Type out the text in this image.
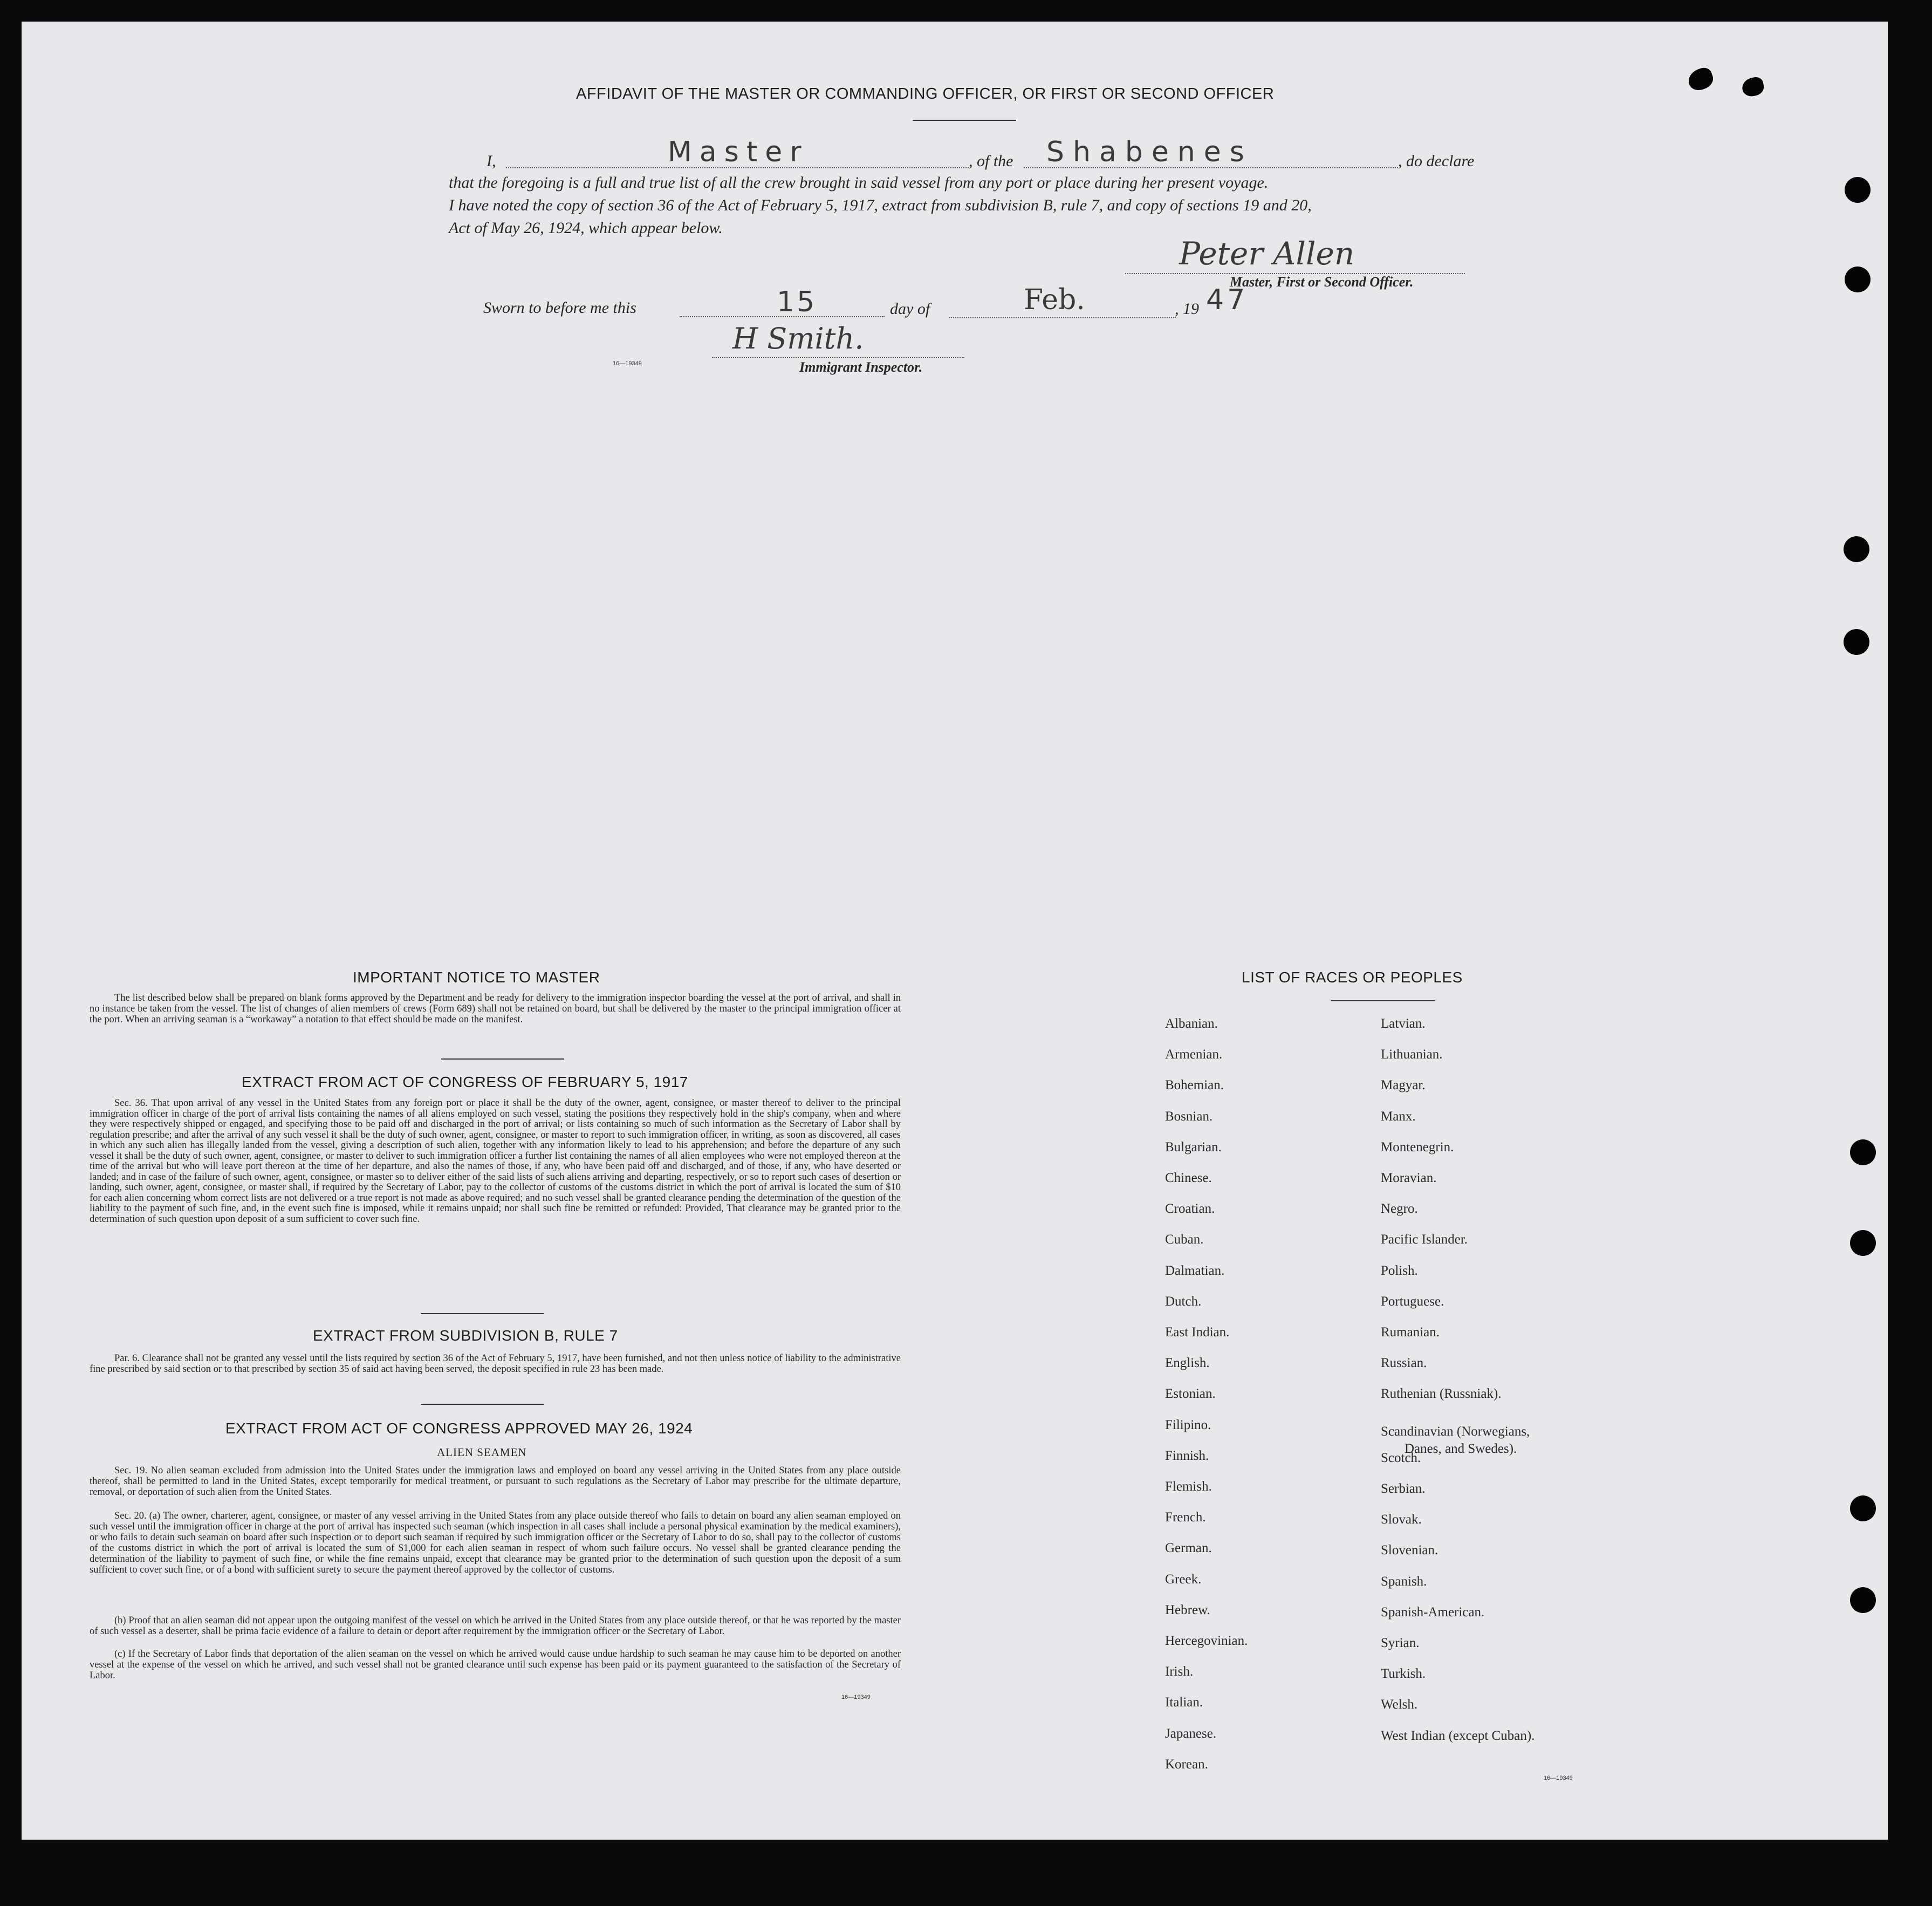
AFFIDAVIT OF THE MASTER OR COMMANDING OFFICER, OR FIRST OR SECOND OFFICER
I,	Master	, of the Shabenes	, do declare
that the foregoing is a full and true list of all the crew brought in said vessel from any port or place during her present voyage.
I have noted the copy of section 36 of the Act of February 5, 1917, extract from subdivision B, rule 7, and copy of sections 19 and 20,
Act of May 26, 1924, which appear below.
Peter Allen
Master, First or Second Officer.
Sworn to before me this	15	day of	Feb.	, 19 47
H Smith.
16—19349	Immigrant Inspector.
IMPORTANT NOTICE TO MASTER
The list described below shall be prepared on blank forms approved by the Department and be ready for delivery to the immigration inspector boarding the vessel at the port of arrival, and shall in no instance be taken from the vessel. The list of changes of alien members of crews (Form 689) shall not be retained on board, but shall be delivered by the master to the principal immigration officer at the port. When an arriving seaman is a “workaway” a notation to that effect should be made on the manifest.
EXTRACT FROM ACT OF CONGRESS OF FEBRUARY 5, 1917
Sec. 36. That upon arrival of any vessel in the United States from any foreign port or place it shall be the duty of the owner, agent, consignee, or master thereof to deliver to the principal immigration officer in charge of the port of arrival lists containing the names of all aliens employed on such vessel, stating the positions they respectively hold in the ship's company, when and where they were respectively shipped or engaged, and specifying those to be paid off and discharged in the port of arrival; or lists containing so much of such information as the Secretary of Labor shall by regulation prescribe; and after the arrival of any such vessel it shall be the duty of such owner, agent, consignee, or master to report to such immigration officer, in writing, as soon as discovered, all cases in which any such alien has illegally landed from the vessel, giving a description of such alien, together with any information likely to lead to his apprehension; and before the departure of any such vessel it shall be the duty of such owner, agent, consignee, or master to deliver to such immigration officer a further list containing the names of all alien employees who were not employed thereon at the time of the arrival but who will leave port thereon at the time of her departure, and also the names of those, if any, who have been paid off and discharged, and of those, if any, who have deserted or landed; and in case of the failure of such owner, agent, consignee, or master so to deliver either of the said lists of such aliens arriving and departing, respectively, or so to report such cases of desertion or landing, such owner, agent, consignee, or master shall, if required by the Secretary of Labor, pay to the collector of customs of the customs district in which the port of arrival is located the sum of $10 for each alien concerning whom correct lists are not delivered or a true report is not made as above required; and no such vessel shall be granted clearance pending the determination of the question of the liability to the payment of such fine, and, in the event such fine is imposed, while it remains unpaid; nor shall such fine be remitted or refunded: Provided, That clearance may be granted prior to the determination of such question upon deposit of a sum sufficient to cover such fine.
EXTRACT FROM SUBDIVISION B, RULE 7
Par. 6. Clearance shall not be granted any vessel until the lists required by section 36 of the Act of February 5, 1917, have been furnished, and not then unless notice of liability to the administrative fine prescribed by said section or to that prescribed by section 35 of said act having been served, the deposit specified in rule 23 has been made.
EXTRACT FROM ACT OF CONGRESS APPROVED MAY 26, 1924
ALIEN SEAMEN
Sec. 19. No alien seaman excluded from admission into the United States under the immigration laws and employed on board any vessel arriving in the United States from any place outside thereof, shall be permitted to land in the United States, except temporarily for medical treatment, or pursuant to such regulations as the Secretary of Labor may prescribe for the ultimate departure, removal, or deportation of such alien from the United States.
Sec. 20. (a) The owner, charterer, agent, consignee, or master of any vessel arriving in the United States from any place outside thereof who fails to detain on board any alien seaman employed on such vessel until the immigration officer in charge at the port of arrival has inspected such seaman (which inspection in all cases shall include a personal physical examination by the medical examiners), or who fails to detain such seaman on board after such inspection or to deport such seaman if required by such immigration officer or the Secretary of Labor to do so, shall pay to the collector of customs of the customs district in which the port of arrival is located the sum of $1,000 for each alien seaman in respect of whom such failure occurs. No vessel shall be granted clearance pending the determination of the liability to payment of such fine, or while the fine remains unpaid, except that clearance may be granted prior to the determination of such question upon the deposit of a sum sufficient to cover such fine, or of a bond with sufficient surety to secure the payment thereof approved by the collector of customs.
(b) Proof that an alien seaman did not appear upon the outgoing manifest of the vessel on which he arrived in the United States from any place outside thereof, or that he was reported by the master of such vessel as a deserter, shall be prima facie evidence of a failure to detain or deport after requirement by the immigration officer or the Secretary of Labor.
(c) If the Secretary of Labor finds that deportation of the alien seaman on the vessel on which he arrived would cause undue hardship to such seaman he may cause him to be deported on another vessel at the expense of the vessel on which he arrived, and such vessel shall not be granted clearance until such expense has been paid or its payment guaranteed to the satisfaction of the Secretary of Labor.
16—19349
LIST OF RACES OR PEOPLES
Albanian.
Armenian.
Bohemian.
Bosnian.
Bulgarian.
Chinese.
Croatian.
Cuban.
Dalmatian.
Dutch.
East Indian.
English.
Estonian.
Filipino.
Finnish.
Flemish.
French.
German.
Greek.
Hebrew.
Hercegovinian.
Irish.
Italian.
Japanese.
Korean.
Latvian.
Lithuanian.
Magyar.
Manx.
Montenegrin.
Moravian.
Negro.
Pacific Islander.
Polish.
Portuguese.
Rumanian.
Russian.
Ruthenian (Russniak).
Scandinavian (Norwegians,
Danes, and Swedes).
Scotch.
Serbian.
Slovak.
Slovenian.
Spanish.
Spanish-American.
Syrian.
Turkish.
Welsh.
West Indian (except Cuban).
16—19349
